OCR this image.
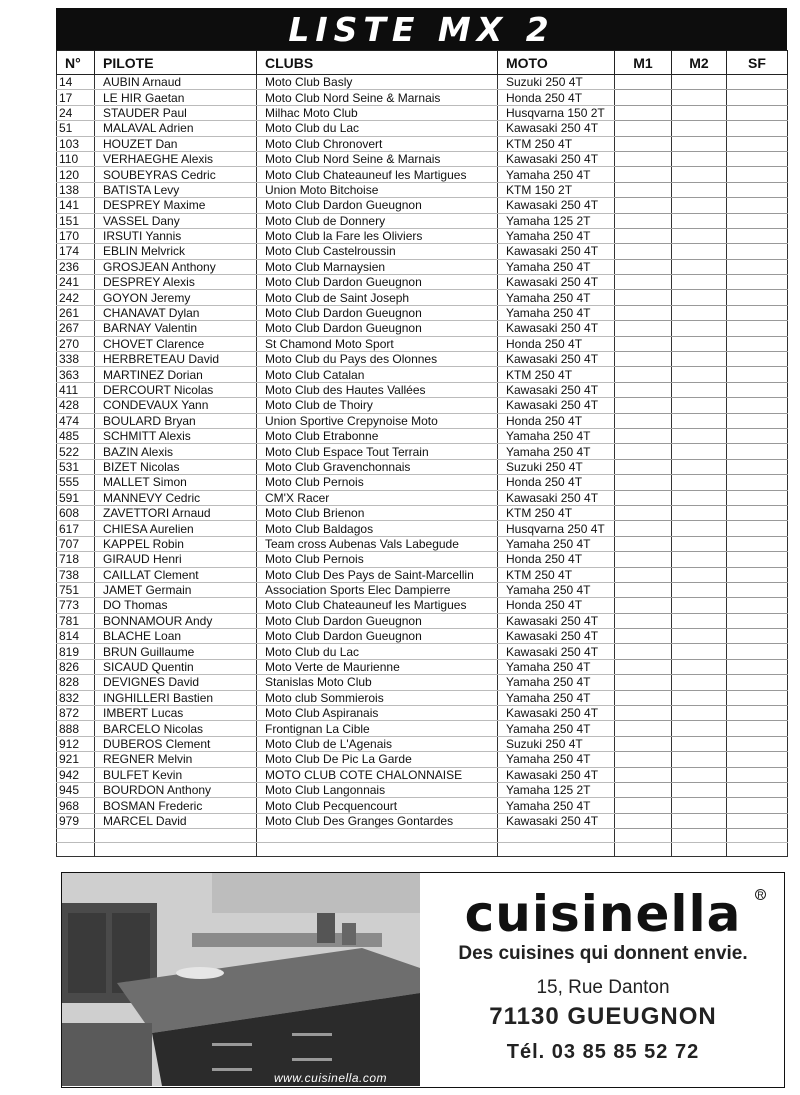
LISTE MX 2
N°	PILOTE	CLUBS	MOTO	M1	M2	SF
14	AUBIN Arnaud	Moto Club Basly	Suzuki 250 4T			
17	LE HIR Gaetan	Moto Club Nord Seine & Marnais	Honda 250 4T			
24	STAUDER Paul	Milhac Moto Club	Husqvarna 150 2T			
51	MALAVAL Adrien	Moto Club du Lac	Kawasaki 250 4T			
103	HOUZET Dan	Moto Club Chronovert	KTM 250 4T			
110	VERHAEGHE Alexis	Moto Club Nord Seine & Marnais	Kawasaki 250 4T			
120	SOUBEYRAS Cedric	Moto Club Chateauneuf les Martigues	Yamaha 250 4T			
138	BATISTA Levy	Union Moto Bitchoise	KTM 150 2T			
141	DESPREY Maxime	Moto Club Dardon Gueugnon	Kawasaki 250 4T			
151	VASSEL Dany	Moto Club de Donnery	Yamaha 125 2T			
170	IRSUTI Yannis	Moto Club la Fare les Oliviers	Yamaha 250 4T			
174	EBLIN Melvrick	Moto Club Castelroussin	Kawasaki 250 4T			
236	GROSJEAN Anthony	Moto Club Marnaysien	Yamaha 250 4T			
241	DESPREY Alexis	Moto Club Dardon Gueugnon	Kawasaki 250 4T			
242	GOYON Jeremy	Moto Club de Saint Joseph	Yamaha 250 4T			
261	CHANAVAT Dylan	Moto Club Dardon Gueugnon	Yamaha 250 4T			
267	BARNAY Valentin	Moto Club Dardon Gueugnon	Kawasaki 250 4T			
270	CHOVET Clarence	St Chamond Moto Sport	Honda 250 4T			
338	HERBRETEAU David	Moto Club du Pays des Olonnes	Kawasaki 250 4T			
363	MARTINEZ Dorian	Moto Club Catalan	KTM 250 4T			
411	DERCOURT Nicolas	Moto Club des Hautes Vallées	Kawasaki 250 4T			
428	CONDEVAUX Yann	Moto Club de Thoiry	Kawasaki 250 4T			
474	BOULARD Bryan	Union Sportive Crepynoise Moto	Honda 250 4T			
485	SCHMITT Alexis	Moto Club Etrabonne	Yamaha 250 4T			
522	BAZIN Alexis	Moto Club Espace Tout Terrain	Yamaha 250 4T			
531	BIZET Nicolas	Moto Club Gravenchonnais	Suzuki 250 4T			
555	MALLET Simon	Moto Club Pernois	Honda 250 4T			
591	MANNEVY Cedric	CM'X Racer	Kawasaki 250 4T			
608	ZAVETTORI Arnaud	Moto Club Brienon	KTM 250 4T			
617	CHIESA Aurelien	Moto Club Baldagos	Husqvarna 250 4T			
707	KAPPEL Robin	Team cross Aubenas Vals Labegude	Yamaha 250 4T			
718	GIRAUD Henri	Moto Club Pernois	Honda 250 4T			
738	CAILLAT Clement	Moto Club Des Pays de Saint-Marcellin	KTM 250 4T			
751	JAMET Germain	Association Sports Elec Dampierre	Yamaha 250 4T			
773	DO Thomas	Moto Club Chateauneuf les Martigues	Honda 250 4T			
781	BONNAMOUR Andy	Moto Club Dardon Gueugnon	Kawasaki 250 4T			
814	BLACHE Loan	Moto Club Dardon Gueugnon	Kawasaki 250 4T			
819	BRUN Guillaume	Moto Club du Lac	Kawasaki 250 4T			
826	SICAUD Quentin	Moto Verte de Maurienne	Yamaha 250 4T			
828	DEVIGNES David	Stanislas Moto Club	Yamaha 250 4T			
832	INGHILLERI Bastien	Moto club Sommierois	Yamaha 250 4T			
872	IMBERT Lucas	Moto Club Aspiranais	Kawasaki 250 4T			
888	BARCELO Nicolas	Frontignan La Cible	Yamaha 250 4T			
912	DUBEROS Clement	Moto Club de L'Agenais	Suzuki 250 4T			
921	REGNER Melvin	Moto Club De Pic La Garde	Yamaha 250 4T			
942	BULFET Kevin	MOTO CLUB COTE CHALONNAISE	Kawasaki 250 4T			
945	BOURDON Anthony	Moto Club Langonnais	Yamaha 125 2T			
968	BOSMAN Frederic	Moto Club Pecquencourt	Yamaha 250 4T			
979	MARCEL David	Moto Club Des Granges Gontardes	Kawasaki 250 4T			

www.cuisinella.com
cuisinella	R
Des cuisines qui donnent envie.
15, Rue Danton
71130 GUEUGNON
Tél. 03 85 85 52 72
